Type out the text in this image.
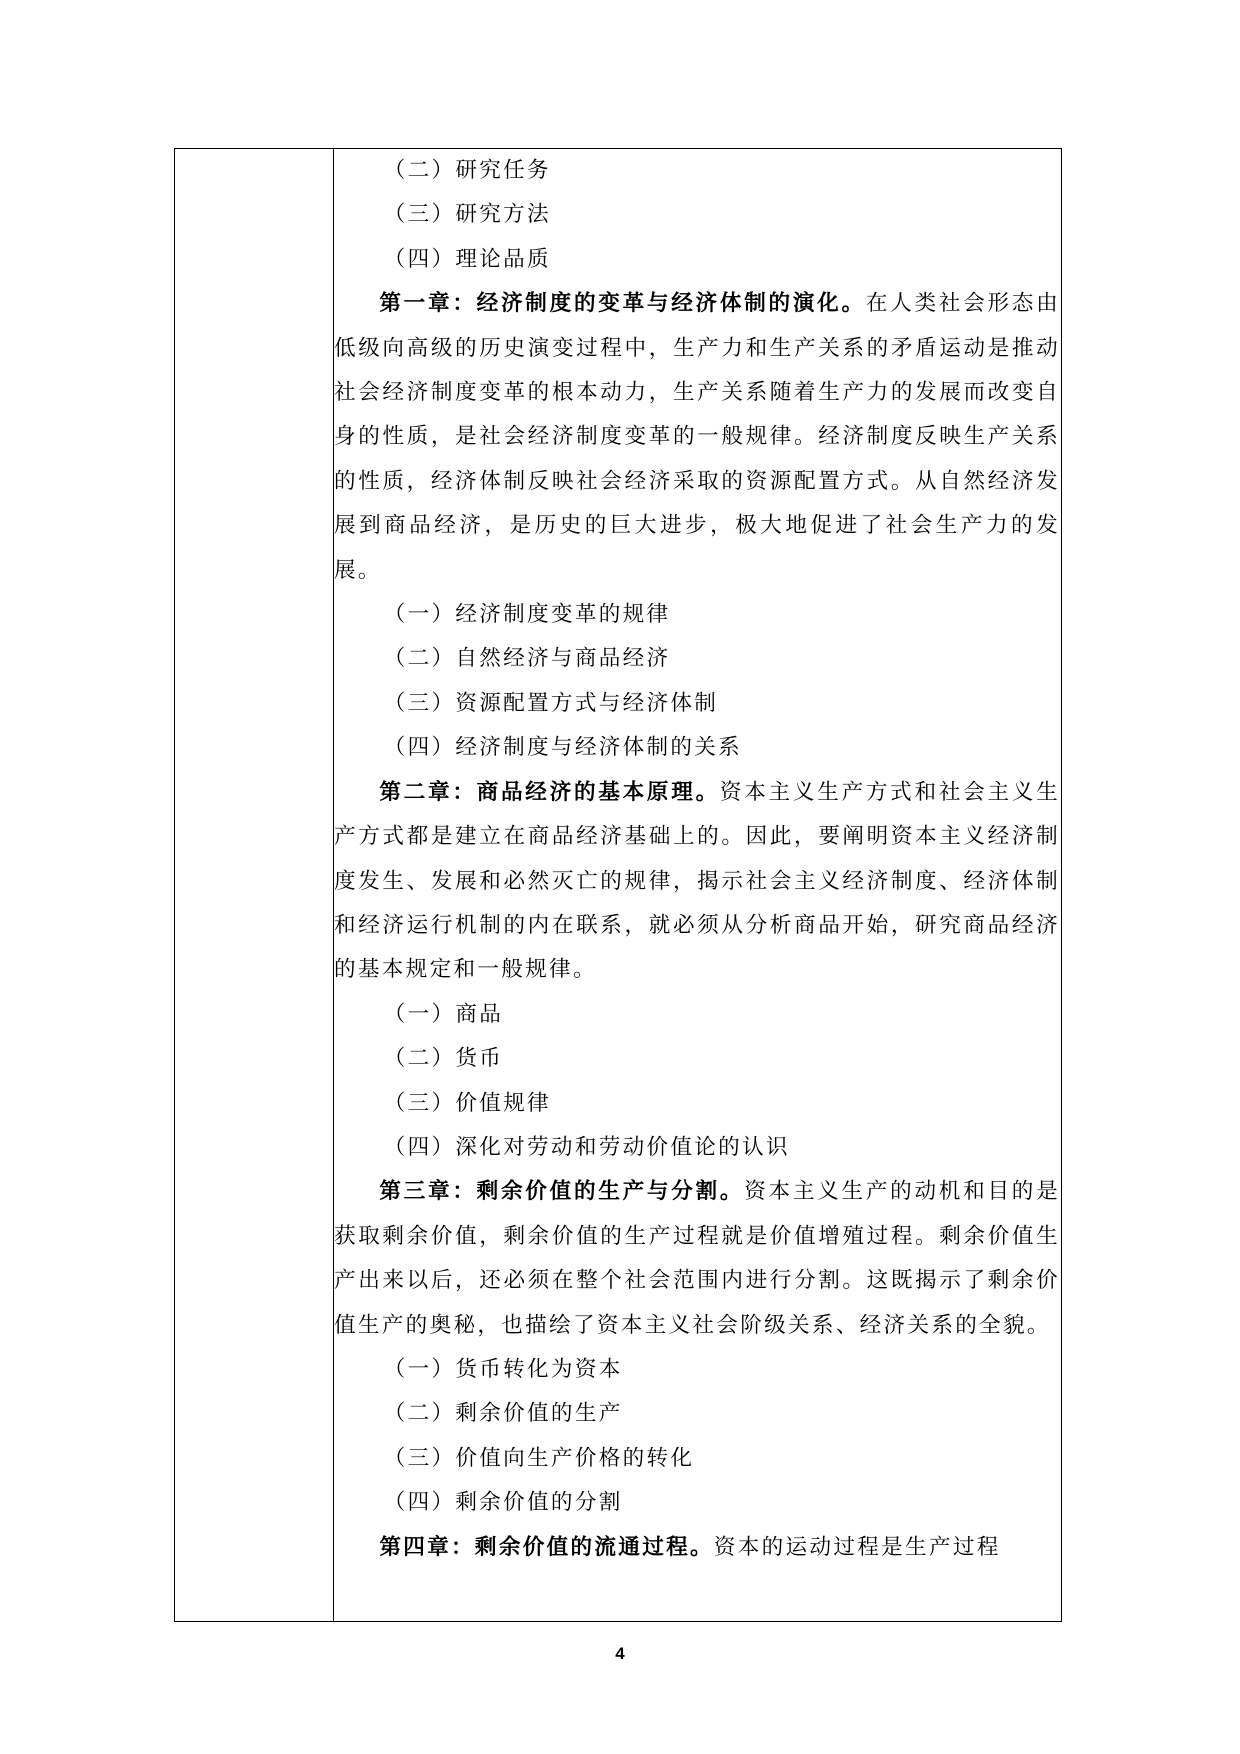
（二）研究任务
（三）研究方法
（四）理论品质
第一章：经济制度的变革与经济体制的演化。在人类社会形态由低级向高级的历史演变过程中，生产力和生产关系的矛盾运动是推动社会经济制度变革的根本动力，生产关系随着生产力的发展而改变自身的性质，是社会经济制度变革的一般规律。经济制度反映生产关系的性质，经济体制反映社会经济采取的资源配置方式。从自然经济发展到商品经济，是历史的巨大进步，极大地促进了社会生产力的发展。
（一）经济制度变革的规律
（二）自然经济与商品经济
（三）资源配置方式与经济体制
（四）经济制度与经济体制的关系
第二章：商品经济的基本原理。资本主义生产方式和社会主义生产方式都是建立在商品经济基础上的。因此，要阐明资本主义经济制度发生、发展和必然灭亡的规律，揭示社会主义经济制度、经济体制和经济运行机制的内在联系，就必须从分析商品开始，研究商品经济的基本规定和一般规律。
（一）商品
（二）货币
（三）价值规律
（四）深化对劳动和劳动价值论的认识
第三章：剩余价值的生产与分割。资本主义生产的动机和目的是获取剩余价值，剩余价值的生产过程就是价值增殖过程。剩余价值生产出来以后，还必须在整个社会范围内进行分割。这既揭示了剩余价值生产的奥秘，也描绘了资本主义社会阶级关系、经济关系的全貌。
（一）货币转化为资本
（二）剩余价值的生产
（三）价值向生产价格的转化
（四）剩余价值的分割
第四章：剩余价值的流通过程。资本的运动过程是生产过程
4
